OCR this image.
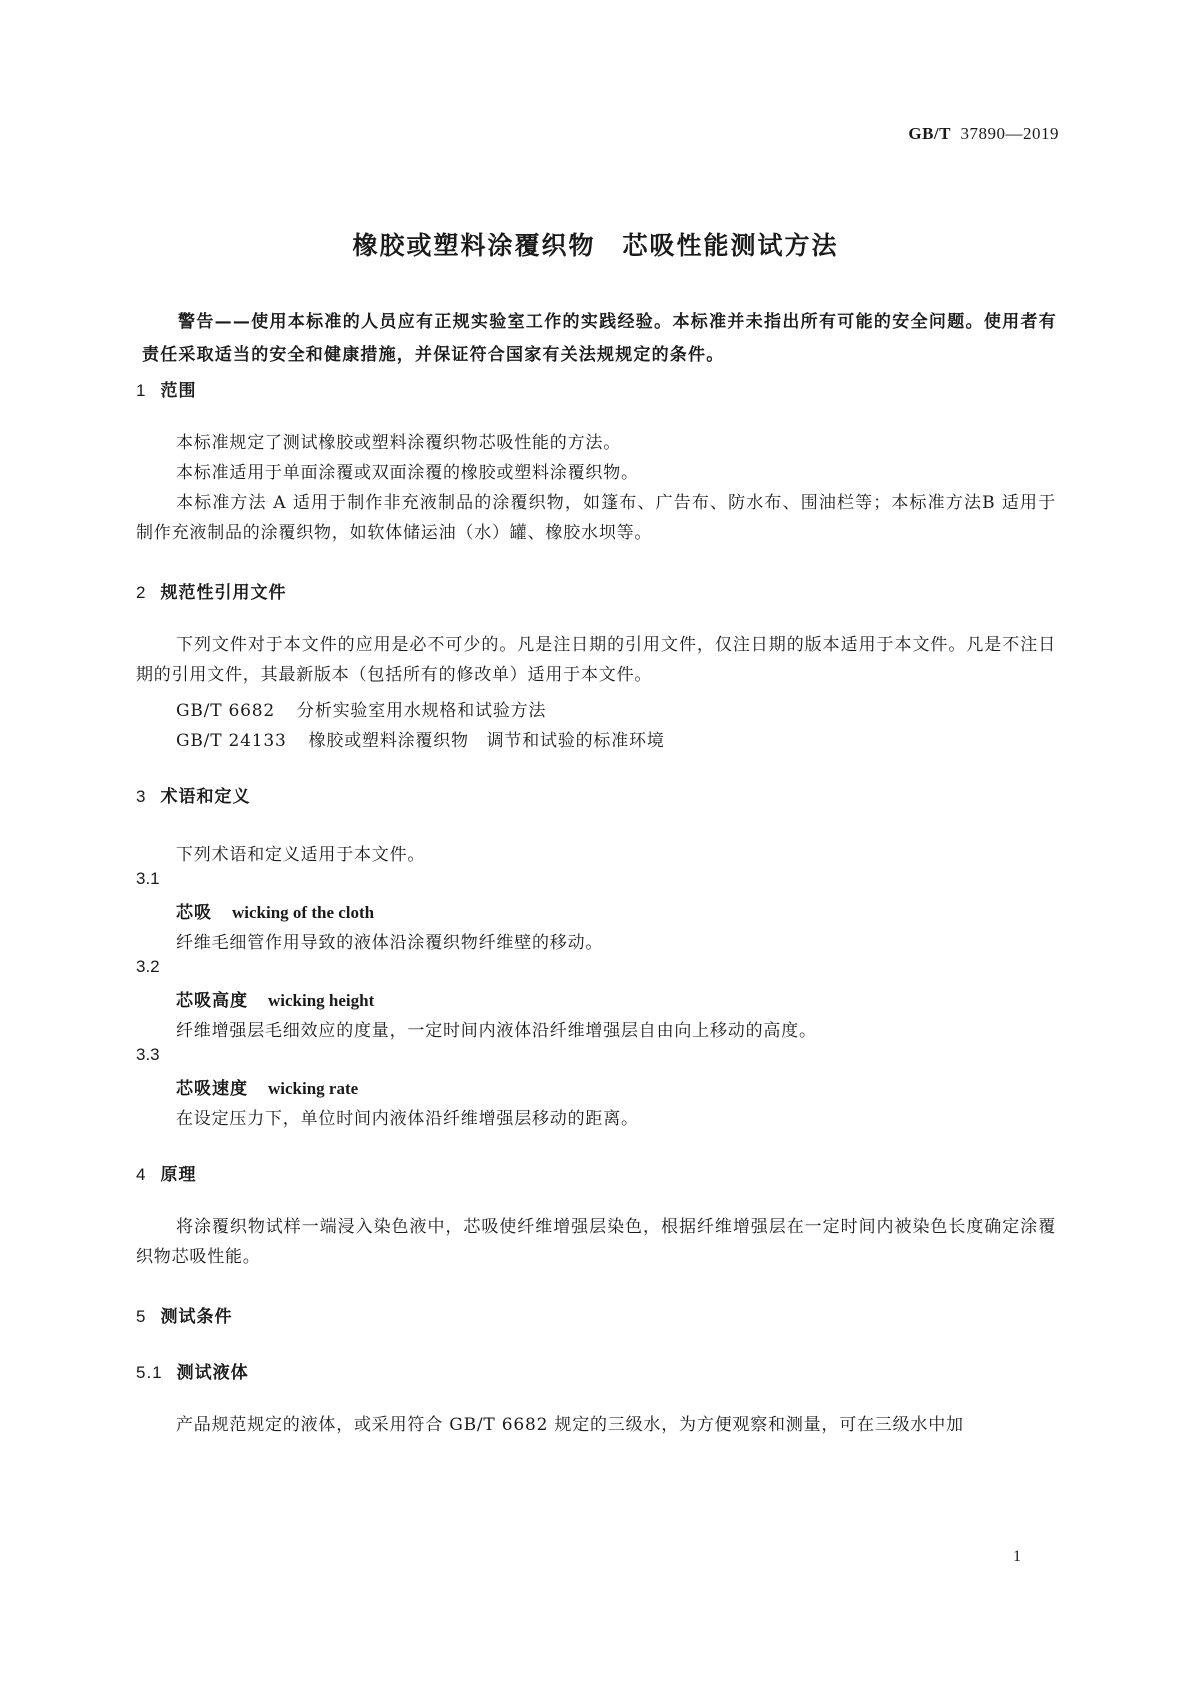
GB/T 37890—2019
橡胶或塑料涂覆织物　芯吸性能测试方法
警告——使用本标准的人员应有正规实验室工作的实践经验。本标准并未指出所有可能的安全问题。使用者有责任采取适当的安全和健康措施，并保证符合国家有关法规规定的条件。
1 范围
本标准规定了测试橡胶或塑料涂覆织物芯吸性能的方法。
本标准适用于单面涂覆或双面涂覆的橡胶或塑料涂覆织物。
本标准方法 A 适用于制作非充液制品的涂覆织物，如篷布、广告布、防水布、围油栏等；本标准方法B 适用于制作充液制品的涂覆织物，如软体储运油（水）罐、橡胶水坝等。
2 规范性引用文件
下列文件对于本文件的应用是必不可少的。凡是注日期的引用文件，仅注日期的版本适用于本文件。凡是不注日期的引用文件，其最新版本（包括所有的修改单）适用于本文件。
GB/T 6682 分析实验室用水规格和试验方法
GB/T 24133 橡胶或塑料涂覆织物　调节和试验的标准环境
3 术语和定义
下列术语和定义适用于本文件。
3.1
芯吸 wicking of the cloth
纤维毛细管作用导致的液体沿涂覆织物纤维壁的移动。
3.2
芯吸高度 wicking height
纤维增强层毛细效应的度量，一定时间内液体沿纤维增强层自由向上移动的高度。
3.3
芯吸速度 wicking rate
在设定压力下，单位时间内液体沿纤维增强层移动的距离。
4 原理
将涂覆织物试样一端浸入染色液中，芯吸使纤维增强层染色，根据纤维增强层在一定时间内被染色长度确定涂覆织物芯吸性能。
5 测试条件
5.1 测试液体
产品规范规定的液体，或采用符合 GB/T 6682 规定的三级水，为方便观察和测量，可在三级水中加
1
